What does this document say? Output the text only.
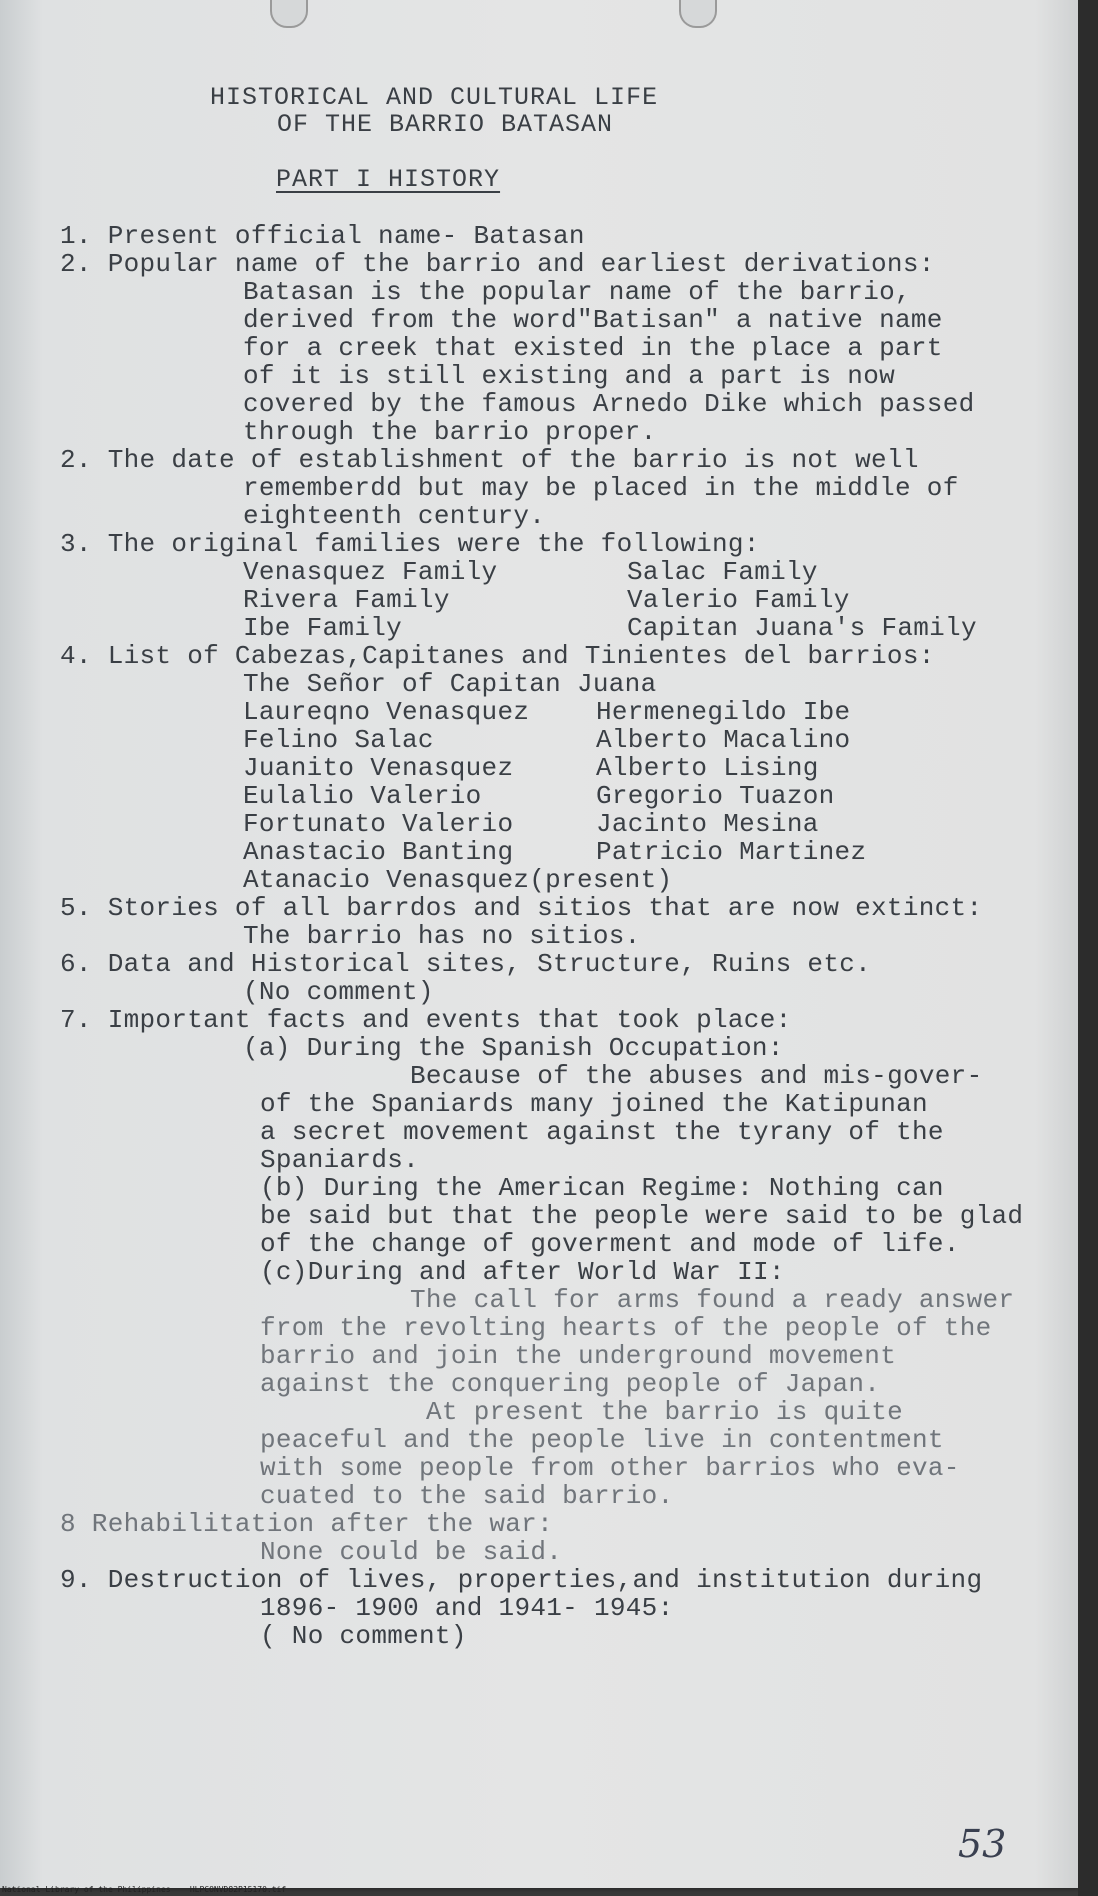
HISTORICAL AND CULTURAL LIFE
OF THE BARRIO BATASAN
PART I HISTORY
1. Present official name- Batasan
2. Popular name of the barrio and earliest derivations:
Batasan is the popular name of the barrio,
derived from the word"Batisan" a native name
for a creek that existed in the place a part
of it is still existing and a part is now
covered by the famous Arnedo Dike which passed
through the barrio proper.
2. The date of establishment of the barrio is not well
rememberdd but may be placed in the middle of
eighteenth century.
3. The original families were the following:
Venasquez Family	Salac Family
Rivera Family	Valerio Family
Ibe Family	Capitan Juana's Family
4. List of Cabezas,Capitanes and Tinientes del barrios:
The Señor of Capitan Juana
Laureqno Venasquez	Hermenegildo Ibe
Felino Salac	Alberto Macalino
Juanito Venasquez	Alberto Lising
Eulalio Valerio	Gregorio Tuazon
Fortunato Valerio	Jacinto Mesina
Anastacio Banting	Patricio Martinez
Atanacio Venasquez(present)
5. Stories of all barrdos and sitios that are now extinct:
The barrio has no sitios.
6. Data and Historical sites, Structure, Ruins etc.
(No comment)
7. Important facts and events that took place:
(a) During the Spanish Occupation:
Because of the abuses and mis-gover-
of the Spaniards many joined the Katipunan
a secret movement against the tyrany of the
Spaniards.
(b) During the American Regime: Nothing can
be said but that the people were said to be glad
of the change of goverment and mode of life.
(c)During and after World War II:
The call for arms found a ready answer
from the revolting hearts of the people of the
barrio and join the underground movement
against the conquering people of Japan.
At present the barrio is quite
peaceful and the people live in contentment
with some people from other barrios who eva-
cuated to the said barrio.
8 Rehabilitation after the war:
None could be said.
9. Destruction of lives, properties,and institution during
1896- 1900 and 1941- 1945:
( No comment)
53
National Library of the Philippines    HLPCONVD82P15170.tif
